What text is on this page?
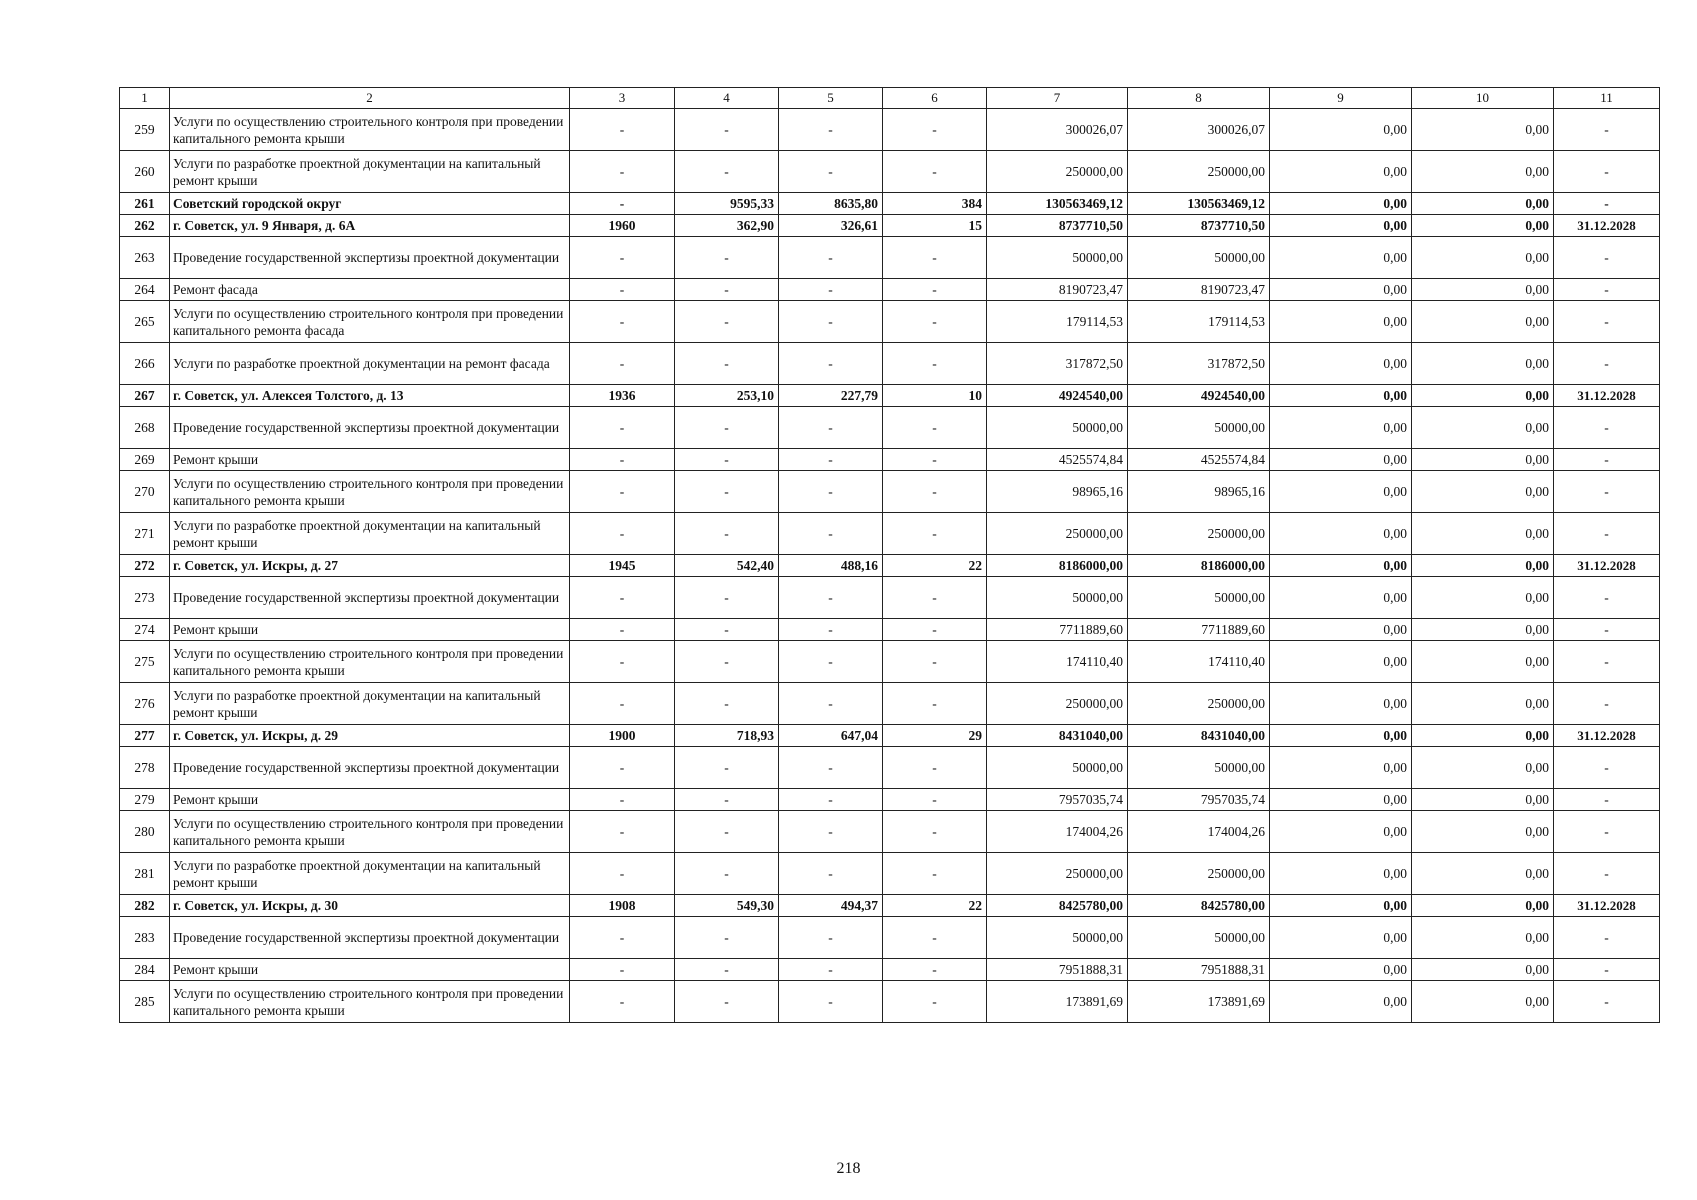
1	2	3	4	5	6	7	8	9	10	11
259	Услуги по осуществлению строительного контроля при проведении капитального ремонта крыши	-	-	-	-	300026,07	300026,07	0,00	0,00	-
260	Услуги по разработке проектной документации на капитальный ремонт крыши	-	-	-	-	250000,00	250000,00	0,00	0,00	-
261	Советский городской округ	-	9595,33	8635,80	384	130563469,12	130563469,12	0,00	0,00	-
262	г. Советск, ул. 9 Января, д. 6А	1960	362,90	326,61	15	8737710,50	8737710,50	0,00	0,00	31.12.2028
263	Проведение государственной экспертизы проектной документации	-	-	-	-	50000,00	50000,00	0,00	0,00	-
264	Ремонт фасада	-	-	-	-	8190723,47	8190723,47	0,00	0,00	-
265	Услуги по осуществлению строительного контроля при проведении капитального ремонта фасада	-	-	-	-	179114,53	179114,53	0,00	0,00	-
266	Услуги по разработке проектной документации на ремонт фасада	-	-	-	-	317872,50	317872,50	0,00	0,00	-
267	г. Советск, ул. Алексея Толстого, д. 13	1936	253,10	227,79	10	4924540,00	4924540,00	0,00	0,00	31.12.2028
268	Проведение государственной экспертизы проектной документации	-	-	-	-	50000,00	50000,00	0,00	0,00	-
269	Ремонт крыши	-	-	-	-	4525574,84	4525574,84	0,00	0,00	-
270	Услуги по осуществлению строительного контроля при проведении капитального ремонта крыши	-	-	-	-	98965,16	98965,16	0,00	0,00	-
271	Услуги по разработке проектной документации на капитальный ремонт крыши	-	-	-	-	250000,00	250000,00	0,00	0,00	-
272	г. Советск, ул. Искры, д. 27	1945	542,40	488,16	22	8186000,00	8186000,00	0,00	0,00	31.12.2028
273	Проведение государственной экспертизы проектной документации	-	-	-	-	50000,00	50000,00	0,00	0,00	-
274	Ремонт крыши	-	-	-	-	7711889,60	7711889,60	0,00	0,00	-
275	Услуги по осуществлению строительного контроля при проведении капитального ремонта крыши	-	-	-	-	174110,40	174110,40	0,00	0,00	-
276	Услуги по разработке проектной документации на капитальный ремонт крыши	-	-	-	-	250000,00	250000,00	0,00	0,00	-
277	г. Советск, ул. Искры, д. 29	1900	718,93	647,04	29	8431040,00	8431040,00	0,00	0,00	31.12.2028
278	Проведение государственной экспертизы проектной документации	-	-	-	-	50000,00	50000,00	0,00	0,00	-
279	Ремонт крыши	-	-	-	-	7957035,74	7957035,74	0,00	0,00	-
280	Услуги по осуществлению строительного контроля при проведении капитального ремонта крыши	-	-	-	-	174004,26	174004,26	0,00	0,00	-
281	Услуги по разработке проектной документации на капитальный ремонт крыши	-	-	-	-	250000,00	250000,00	0,00	0,00	-
282	г. Советск, ул. Искры, д. 30	1908	549,30	494,37	22	8425780,00	8425780,00	0,00	0,00	31.12.2028
283	Проведение государственной экспертизы проектной документации	-	-	-	-	50000,00	50000,00	0,00	0,00	-
284	Ремонт крыши	-	-	-	-	7951888,31	7951888,31	0,00	0,00	-
285	Услуги по осуществлению строительного контроля при проведении капитального ремонта крыши	-	-	-	-	173891,69	173891,69	0,00	0,00	-
218
